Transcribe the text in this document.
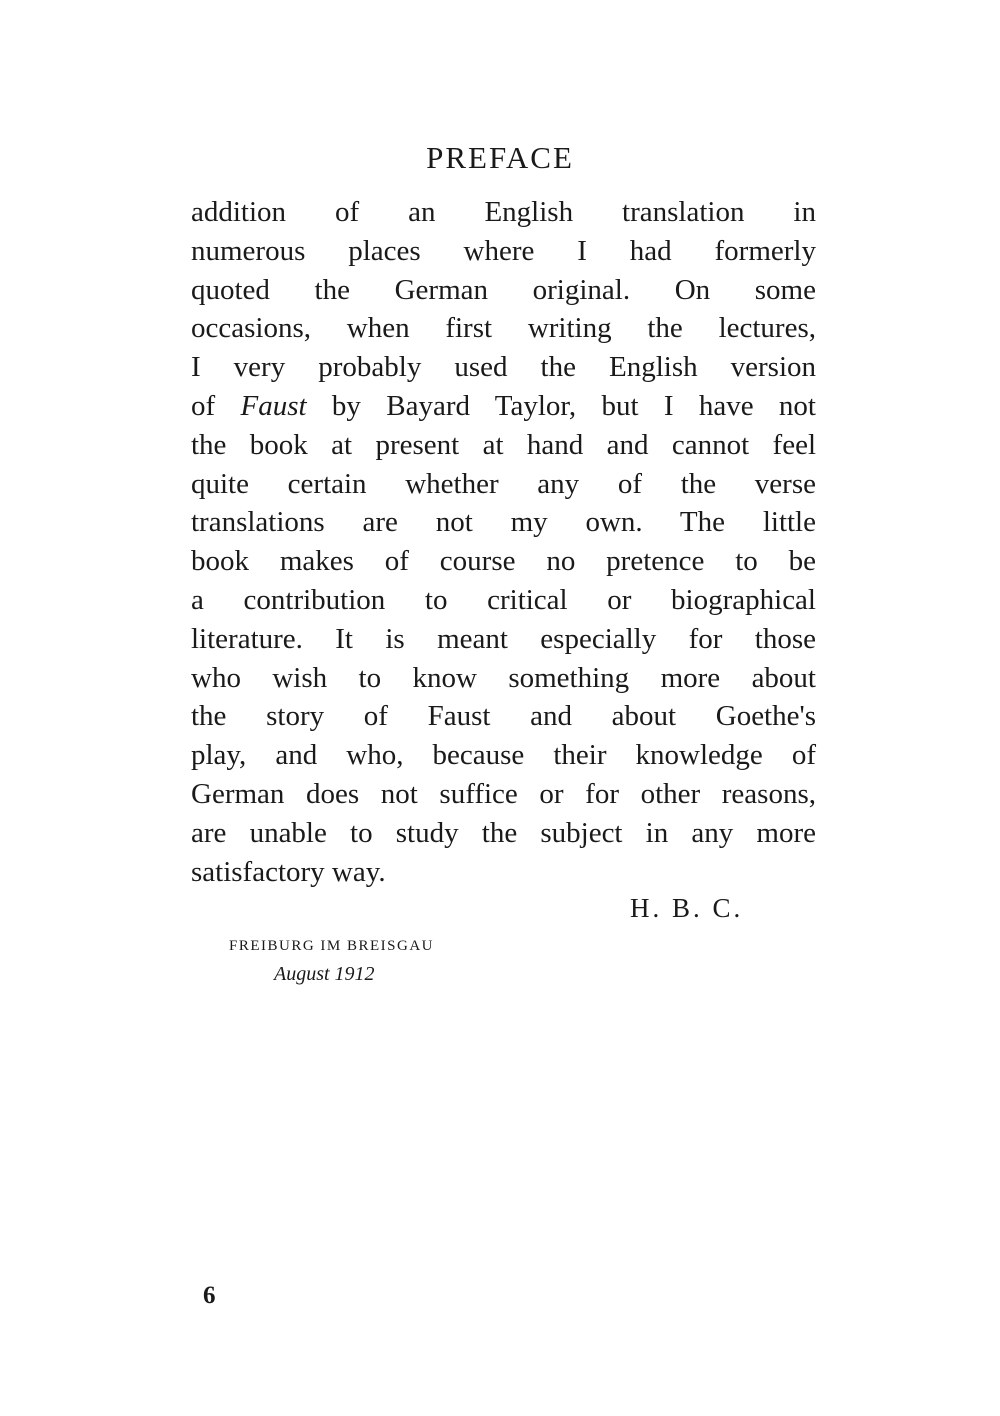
PREFACE
addition of an English translation in
numerous places where I had formerly
quoted the German original. On some
occasions, when first writing the lectures,
I very probably used the English version
of Faust by Bayard Taylor, but I have not
the book at present at hand and cannot feel
quite certain whether any of the verse
translations are not my own. The little
book makes of course no pretence to be
a contribution to critical or biographical
literature. It is meant especially for those
who wish to know something more about
the story of Faust and about Goethe's
play, and who, because their knowledge of
German does not suffice or for other reasons,
are unable to study the subject in any more
satisfactory way.

H. B. C.

FREIBURG IM BREISGAU

August 1912

6
